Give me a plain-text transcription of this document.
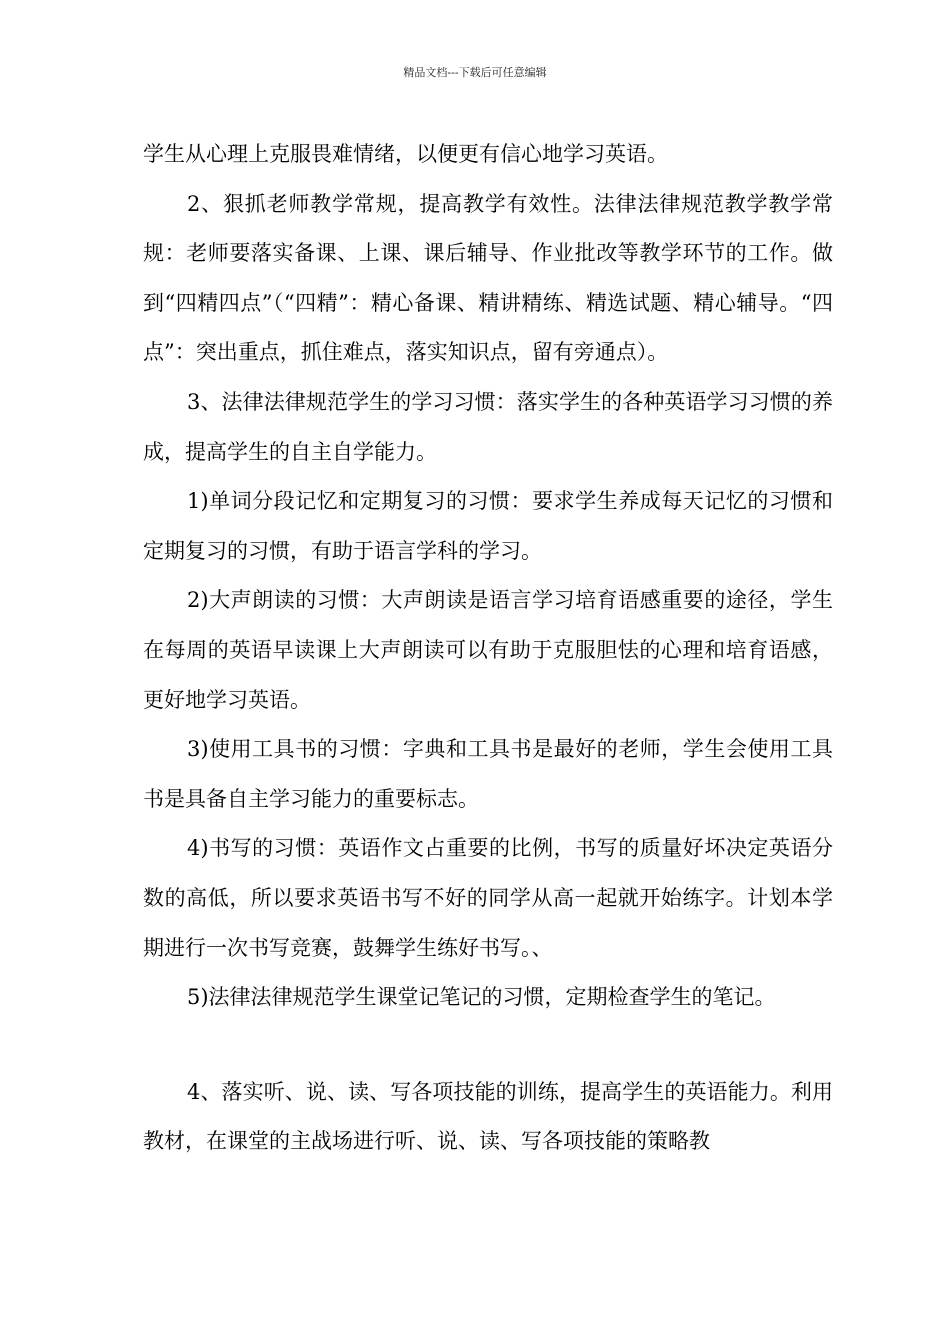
精品文档---下载后可任意编辑

学生从心理上克服畏难情绪，以便更有信心地学习英语。

2、狠抓老师教学常规，提高教学有效性。法律法律规范教学教学常规：老师要落实备课、上课、课后辅导、作业批改等教学环节的工作。做到“四精四点”（“四精”：精心备课、精讲精练、精选试题、精心辅导。“四点”：突出重点，抓住难点，落实知识点，留有旁通点）。

3、法律法律规范学生的学习习惯：落实学生的各种英语学习习惯的养成，提高学生的自主自学能力。

1)单词分段记忆和定期复习的习惯：要求学生养成每天记忆的习惯和定期复习的习惯，有助于语言学科的学习。

2)大声朗读的习惯：大声朗读是语言学习培育语感重要的途径，学生在每周的英语早读课上大声朗读可以有助于克服胆怯的心理和培育语感，更好地学习英语。

3)使用工具书的习惯：字典和工具书是最好的老师，学生会使用工具书是具备自主学习能力的重要标志。

4)书写的习惯：英语作文占重要的比例，书写的质量好坏决定英语分数的高低，所以要求英语书写不好的同学从高一起就开始练字。计划本学期进行一次书写竞赛，鼓舞学生练好书写。、

5)法律法律规范学生课堂记笔记的习惯，定期检查学生的笔记。

4、落实听、说、读、写各项技能的训练，提高学生的英语能力。利用教材，在课堂的主战场进行听、说、读、写各项技能的策略教
